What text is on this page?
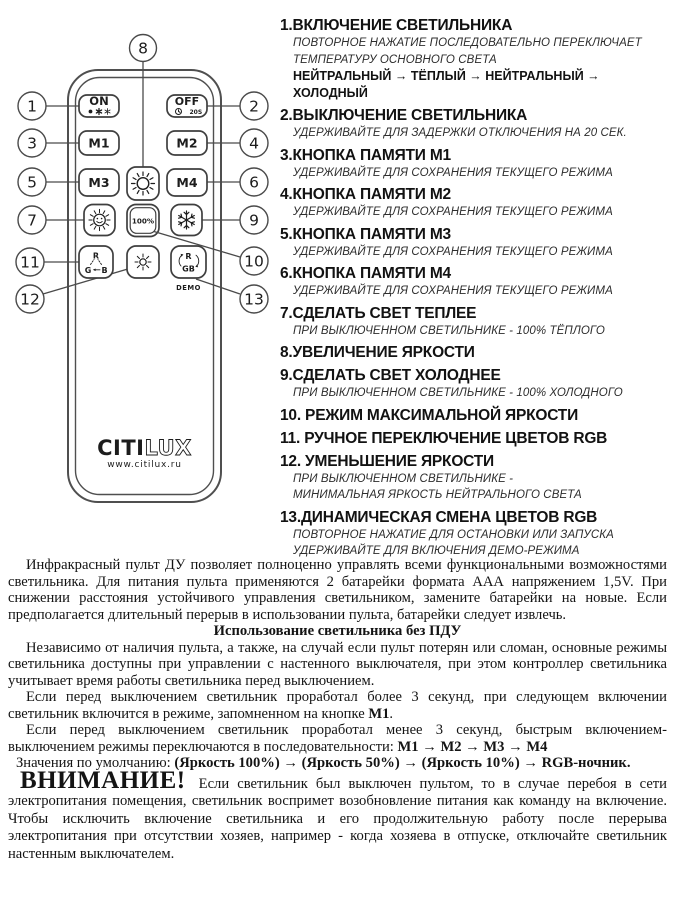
ON	OFF
20S
M1	M2
M3	M4
100%
R
G B
R
GB
DEMO
CITILUX
www.citilux.ru
1	2
3	4
5	6
7
8
9
10
11
12	13
1.ВКЛЮЧЕНИЕ СВЕТИЛЬНИКА
ПОВТОРНОЕ НАЖАТИЕ ПОСЛЕДОВАТЕЛЬНО ПЕРЕКЛЮЧАЕТ
ТЕМПЕРАТУРУ ОСНОВНОГО СВЕТА
НЕЙТРАЛЬНЫЙ → ТЁПЛЫЙ → НЕЙТРАЛЬНЫЙ → ХОЛОДНЫЙ
2.ВЫКЛЮЧЕНИЕ СВЕТИЛЬНИКА
УДЕРЖИВАЙТЕ ДЛЯ ЗАДЕРЖКИ ОТКЛЮЧЕНИЯ НА 20 СЕК.
3.КНОПКА ПАМЯТИ М1
УДЕРЖИВАЙТЕ ДЛЯ СОХРАНЕНИЯ ТЕКУЩЕГО РЕЖИМА
4.КНОПКА ПАМЯТИ М2
УДЕРЖИВАЙТЕ ДЛЯ СОХРАНЕНИЯ ТЕКУЩЕГО РЕЖИМА
5.КНОПКА ПАМЯТИ М3
УДЕРЖИВАЙТЕ ДЛЯ СОХРАНЕНИЯ ТЕКУЩЕГО РЕЖИМА
6.КНОПКА ПАМЯТИ М4
УДЕРЖИВАЙТЕ ДЛЯ СОХРАНЕНИЯ ТЕКУЩЕГО РЕЖИМА
7.СДЕЛАТЬ СВЕТ ТЕПЛЕЕ
ПРИ ВЫКЛЮЧЕННОМ СВЕТИЛЬНИКЕ - 100% ТЁПЛОГО
8.УВЕЛИЧЕНИЕ ЯРКОСТИ
9.СДЕЛАТЬ СВЕТ ХОЛОДНЕЕ
ПРИ ВЫКЛЮЧЕННОМ СВЕТИЛЬНИКЕ - 100% ХОЛОДНОГО
10. РЕЖИМ МАКСИМАЛЬНОЙ ЯРКОСТИ
11. РУЧНОЕ ПЕРЕКЛЮЧЕНИЕ ЦВЕТОВ RGB
12. УМЕНЬШЕНИЕ ЯРКОСТИ
ПРИ ВЫКЛЮЧЕННОМ СВЕТИЛЬНИКЕ -
МИНИМАЛЬНАЯ ЯРКОСТЬ НЕЙТРАЛЬНОГО СВЕТА
13.ДИНАМИЧЕСКАЯ СМЕНА ЦВЕТОВ RGB
ПОВТОРНОЕ НАЖАТИЕ ДЛЯ ОСТАНОВКИ ИЛИ ЗАПУСКА
УДЕРЖИВАЙТЕ ДЛЯ ВКЛЮЧЕНИЯ ДЕМО-РЕЖИМА

Инфракрасный пульт ДУ позволяет полноценно управлять всеми функциональными возможностями светильника. Для питания пульта применяются 2 батарейки формата ААА напряжением 1,5V. При снижении расстояния устойчивого управления светильником, замените батарейки на новые. Если предполагается длительный перерыв в использовании пульта, батарейки следует извлечь.

Использование светильника без ПДУ

Независимо от наличия пульта, а также, на случай если пульт потерян или сломан, основные режимы светильника доступны при управлении с настенного выключателя, при этом контроллер светильника учитывает время работы светильника перед выключением.

Если перед выключением светильник проработал более 3 секунд, при следующем включении светильник включится в режиме, запомненном на кнопке М1.

Если перед выключением светильник проработал менее 3 секунд, быстрым включением-выключением режимы переключаются в последовательности: М1 → М2 → М3 → М4

Значения по умолчанию: (Яркость 100%) → (Яркость 50%) → (Яркость 10%) → RGB-ночник.

ВНИМАНИЕ! Если светильник был выключен пультом, то в случае перебоя в сети электропитания помещения, светильник воспримет возобновление питания как команду на включение. Чтобы исключить включение светильника и его продолжительную работу после перерыва электропитания при отсутствии хозяев, например - когда хозяева в отпуске, отключайте светильник настенным выключателем.
